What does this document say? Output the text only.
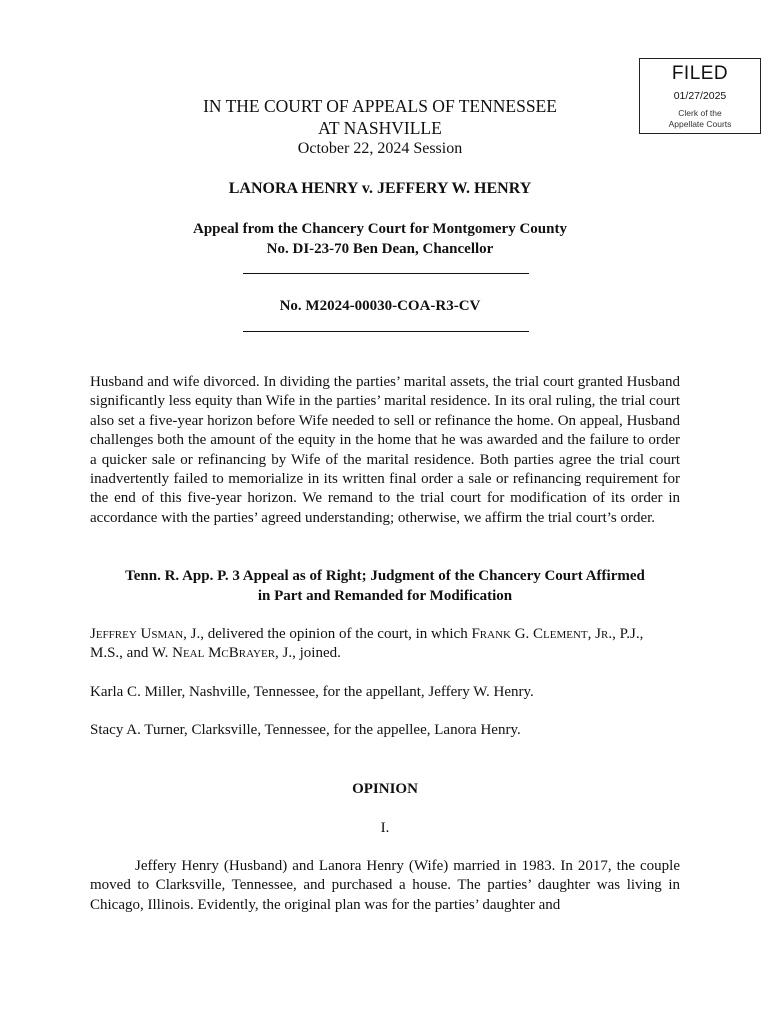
FILED
01/27/2025
Clerk of the
Appellate Courts
IN THE COURT OF APPEALS OF TENNESSEE
AT NASHVILLE
October 22, 2024 Session
LANORA HENRY v. JEFFERY W. HENRY
Appeal from the Chancery Court for Montgomery County
No. DI-23-70 Ben Dean, Chancellor
No. M2024-00030-COA-R3-CV
Husband and wife divorced. In dividing the parties’ marital assets, the trial court granted Husband significantly less equity than Wife in the parties’ marital residence. In its oral ruling, the trial court also set a five-year horizon before Wife needed to sell or refinance the home. On appeal, Husband challenges both the amount of the equity in the home that he was awarded and the failure to order a quicker sale or refinancing by Wife of the marital residence. Both parties agree the trial court inadvertently failed to memorialize in its written final order a sale or refinancing requirement for the end of this five-year horizon. We remand to the trial court for modification of its order in accordance with the parties’ agreed understanding; otherwise, we affirm the trial court’s order.
Tenn. R. App. P. 3 Appeal as of Right; Judgment of the Chancery Court Affirmed
in Part and Remanded for Modification
Jeffrey Usman, J., delivered the opinion of the court, in which Frank G. Clement, Jr., P.J., M.S., and W. Neal McBrayer, J., joined.
Karla C. Miller, Nashville, Tennessee, for the appellant, Jeffery W. Henry.
Stacy A. Turner, Clarksville, Tennessee, for the appellee, Lanora Henry.
OPINION
I.
Jeffery Henry (Husband) and Lanora Henry (Wife) married in 1983. In 2017, the couple moved to Clarksville, Tennessee, and purchased a house. The parties’ daughter was living in Chicago, Illinois. Evidently, the original plan was for the parties’ daughter and
